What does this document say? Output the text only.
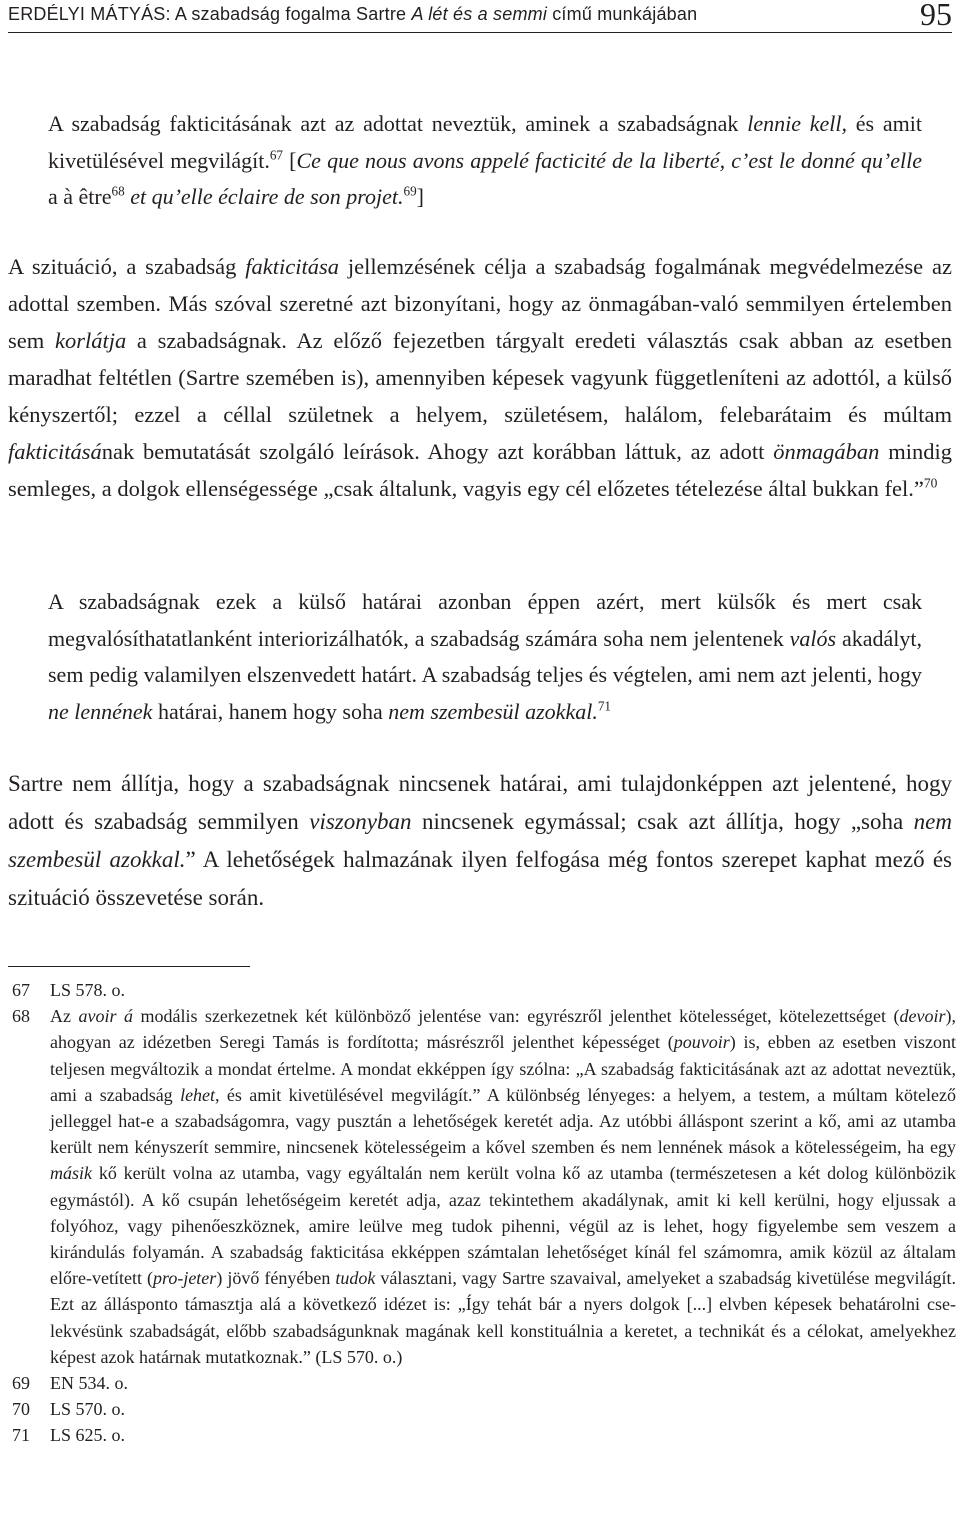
ERDÉLYI MÁTYÁS: A szabadság fogalma Sartre A lét és a semmi című munkájában	95
A szabadság fakticitásának azt az adottat neveztük, aminek a szabadságnak lennie kell, és amit kivetülésével megvilágít.$^{67}$ [Ce que nous avons appelé facticité de la liberté, c’est le donné qu’elle a à être$^{68}$ et qu’elle éclaire de son projet.$^{69}$]
A szituáció, a szabadság fakticitása jellemzésének célja a szabadság fogalmának megvédelmezése az adottal szemben. Más szóval szeretné azt bizonyítani, hogy az önmagában-való semmilyen értelemben sem korlátja a szabadságnak. Az előző fejezetben tárgyalt eredeti választás csak abban az esetben maradhat feltétlen (Sartre szemében is), amennyiben képesek vagyunk függetleníteni az adottól, a külső kényszertől; ezzel a céllal születnek a helyem, születésem, halálom, felebarátaim és múltam fakticitásának bemutatását szolgáló leírások. Ahogy azt korábban láttuk, az adott önmagában mindig semleges, a dolgok ellenségessége „csak általunk, vagyis egy cél előzetes tételezése által bukkan fel.”$^{70}$
A szabadságnak ezek a külső határai azonban éppen azért, mert külsők és mert csak megvalósíthatatlanként interiorizálhatók, a szabadság számára soha nem jelentenek valós akadályt, sem pedig valamilyen elszenvedett határt. A szabadság teljes és végtelen, ami nem azt jelenti, hogy ne lennének határai, hanem hogy soha nem szembesül azokkal.$^{71}$
Sartre nem állítja, hogy a szabadságnak nincsenek határai, ami tulajdonképpen azt jelentené, hogy adott és szabadság semmilyen viszonyban nincsenek egymással; csak azt állítja, hogy „soha nem szembesül azokkal.” A lehetőségek halmazának ilyen felfogása még fontos szerepet kaphat mező és szituáció összevetése során.
67	LS 578. o.
68	Az avoir á modális szerkezetnek két különböző jelentése van: egyrészről jelenthet kötelességet, kötelezettséget (devoir), ahogyan az idézetben Seregi Tamás is fordította; másrészről jelenthet képességet (pouvoir) is, ebben az esetben viszont teljesen megváltozik a mondat értelme. A mondat ekképpen így szólna: „A szabadság fakticitásának azt az adottat neveztük, ami a szabadság lehet, és amit kivetülésével megvilágít.” A különbség lényeges: a helyem, a testem, a múltam kötelező jelleggel hat-e a szabadságomra, vagy pusztán a lehetőségek keretét adja. Az utóbbi álláspont szerint a kő, ami az utamba került nem kényszerít semmire, nincsenek kötelességeim a kővel szemben és nem lennének mások a kötelességeim, ha egy másik kő került volna az utamba, vagy egyáltalán nem került volna kő az utamba (természetesen a két dolog különbözik egymástól). A kő csupán lehetőségeim keretét adja, azaz tekintethem akadálynak, amit ki kell kerülni, hogy eljussak a folyóhoz, vagy pihenőeszköznek, amire leülve meg tudok pihenni, végül az is lehet, hogy figyelembe sem veszem a kirándulás folyamán. A szabadság fakticitása ekképpen számtalan lehetőséget kínál fel számomra, amik közül az általam előre-vetített (pro-jeter) jövő fényében tudok választani, vagy Sartre szavaival, amelyeket a szabadság kivetülése megvilágít. Ezt az állásponto támasztja alá a következő idézet is: „Így tehát bár a nyers dolgok [...] elvben képesek behatárolni cselekvésünk szabadságát, előbb szabadságunknak magának kell konstituálnia a keretet, a technikát és a célokat, amelyekhez képest azok határnak mutatkoznak.” (LS 570. o.)
69	EN 534. o.
70	LS 570. o.
71	LS 625. o.
